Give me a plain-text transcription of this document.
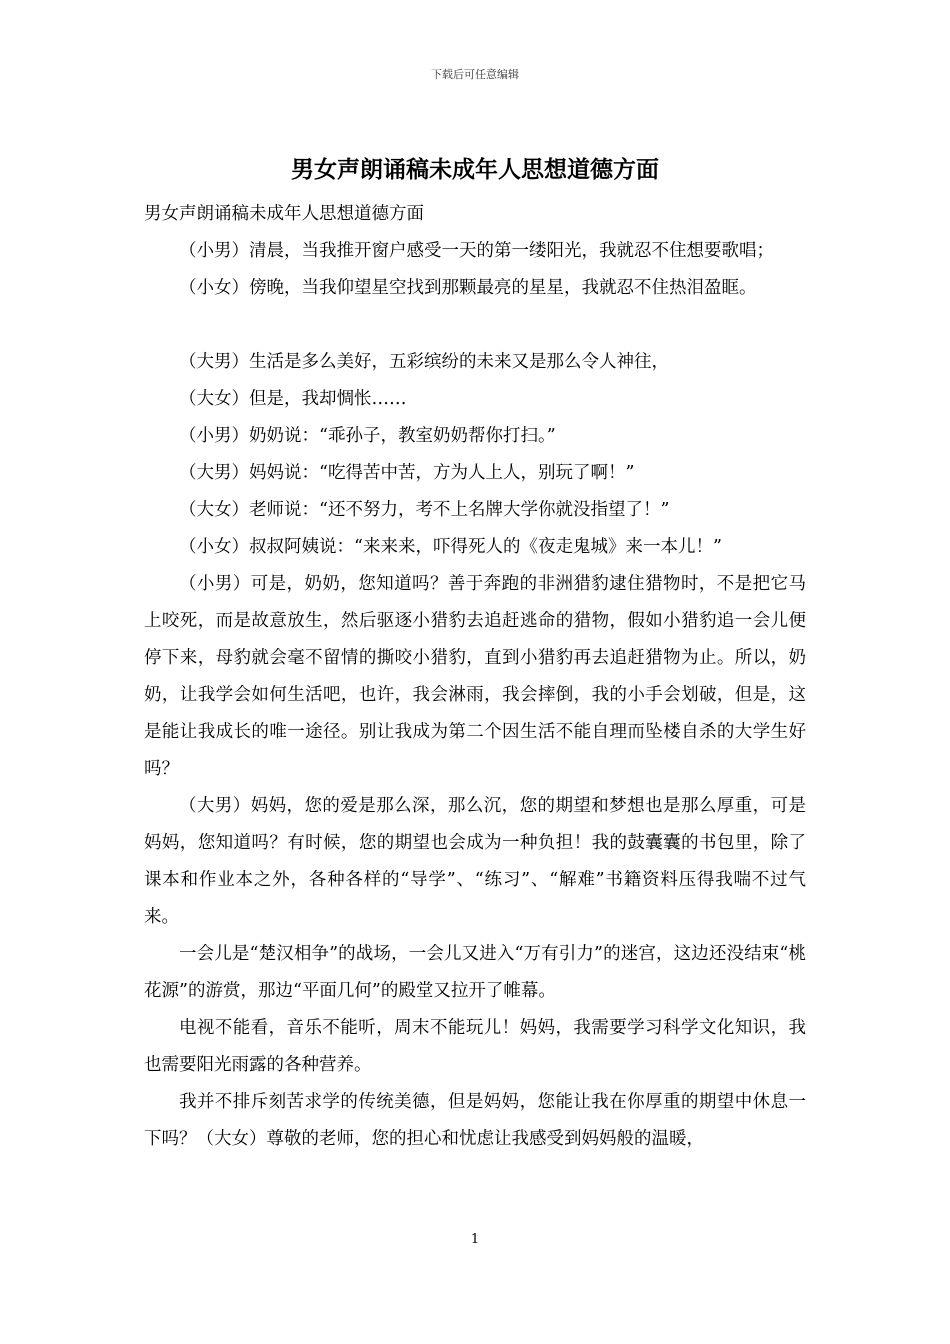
下载后可任意编辑
男女声朗诵稿未成年人思想道德方面

男女声朗诵稿未成年人思想道德方面

（小男）清晨，当我推开窗户感受一天的第一缕阳光，我就忍不住想要歌唱；

（小女）傍晚，当我仰望星空找到那颗最亮的星星，我就忍不住热泪盈眶。

（大男）生活是多么美好，五彩缤纷的未来又是那么令人神往，

（大女）但是，我却惆怅……

（小男）奶奶说：“乖孙子，教室奶奶帮你打扫。”

（大男）妈妈说：“吃得苦中苦，方为人上人，别玩了啊！”

（大女）老师说：“还不努力，考不上名牌大学你就没指望了！”

（小女）叔叔阿姨说：“来来来，吓得死人的《夜走鬼城》来一本儿！”

（小男）可是，奶奶，您知道吗？善于奔跑的非洲猎豹逮住猎物时，不是把它马上咬死，而是故意放生，然后驱逐小猎豹去追赶逃命的猎物，假如小猎豹追一会儿便停下来，母豹就会毫不留情的撕咬小猎豹，直到小猎豹再去追赶猎物为止。所以，奶奶，让我学会如何生活吧，也许，我会淋雨，我会摔倒，我的小手会划破，但是，这是能让我成长的唯一途径。别让我成为第二个因生活不能自理而坠楼自杀的大学生好吗？

（大男）妈妈，您的爱是那么深，那么沉，您的期望和梦想也是那么厚重，可是妈妈，您知道吗？有时候，您的期望也会成为一种负担！我的鼓囊囊的书包里，除了课本和作业本之外，各种各样的“导学”、“练习”、“解难”书籍资料压得我喘不过气来。

一会儿是“楚汉相争”的战场，一会儿又进入“万有引力”的迷宫，这边还没结束“桃花源”的游赏，那边“平面几何”的殿堂又拉开了帷幕。

电视不能看，音乐不能听，周末不能玩儿！妈妈，我需要学习科学文化知识，我也需要阳光雨露的各种营养。

我并不排斥刻苦求学的传统美德，但是妈妈，您能让我在你厚重的期望中休息一下吗？（大女）尊敬的老师，您的担心和忧虑让我感受到妈妈般的温暖，

1
